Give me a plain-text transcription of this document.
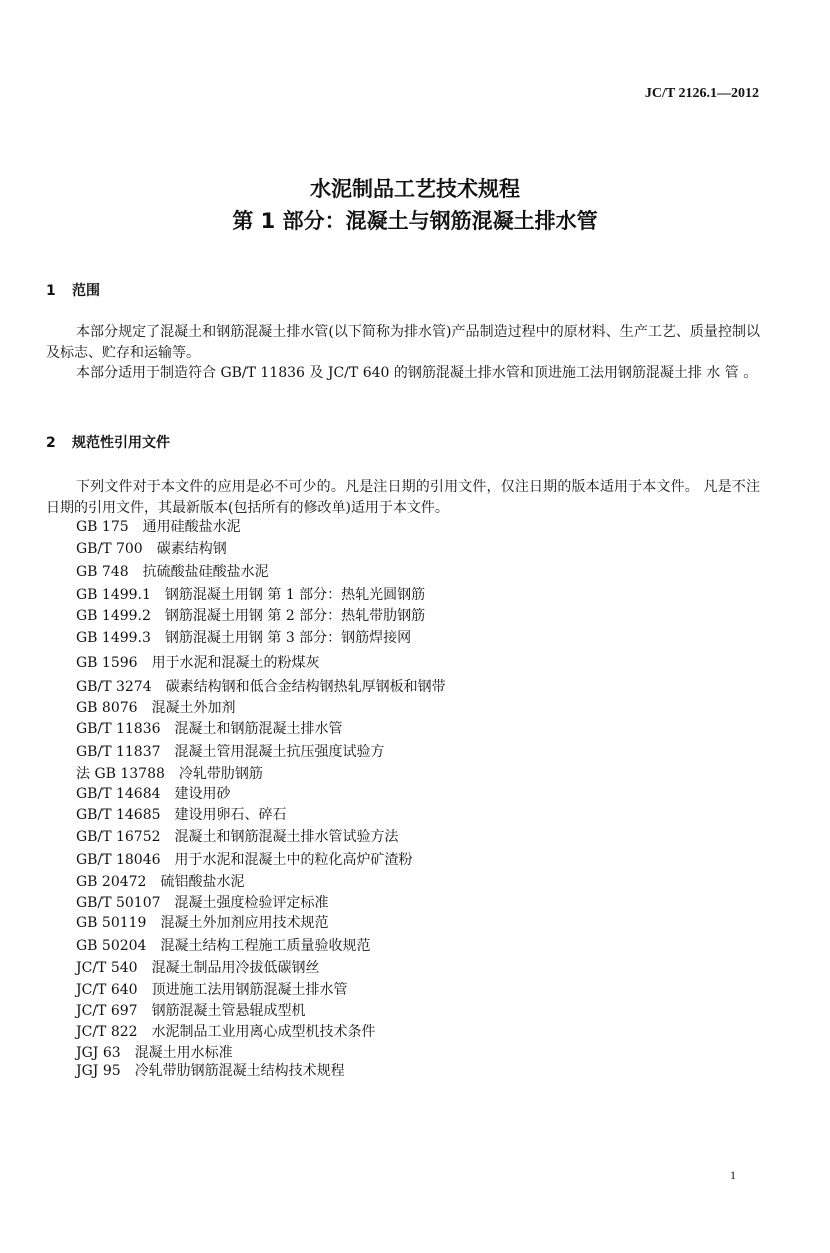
JC/T 2126.1—2012
水泥制品工艺技术规程
第 1 部分：混凝土与钢筋混凝土排水管
1 范围
本部分规定了混凝土和钢筋混凝土排水管(以下简称为排水管)产品制造过程中的原材料、生产工艺、质量控制以及标志、贮存和运输等。
本部分适用于制造符合 GB/T 11836 及 JC/T 640 的钢筋混凝土排水管和顶进施工法用钢筋混凝土排 水 管 。
2 规范性引用文件
下列文件对于本文件的应用是必不可少的。凡是注日期的引用文件，仅注日期的版本适用于本文件。 凡是不注日期的引用文件，其最新版本(包括所有的修改单)适用于本文件。
GB 175 通用硅酸盐水泥
GB/T 700 碳素结构钢
GB 748 抗硫酸盐硅酸盐水泥
GB 1499.1 钢筋混凝土用钢 第 1 部分：热轧光圆钢筋
GB 1499.2 钢筋混凝土用钢 第 2 部分：热轧带肋钢筋
GB 1499.3 钢筋混凝土用钢 第 3 部分：钢筋焊接网
GB 1596 用于水泥和混凝土的粉煤灰
GB/T 3274 碳素结构钢和低合金结构钢热轧厚钢板和钢带
GB 8076 混凝土外加剂
GB/T 11836 混凝土和钢筋混凝土排水管
GB/T 11837 混凝土管用混凝土抗压强度试验方
法 GB 13788 冷轧带肋钢筋
GB/T 14684 建设用砂
GB/T 14685 建设用卵石、碎石
GB/T 16752 混凝土和钢筋混凝土排水管试验方法
GB/T 18046 用于水泥和混凝土中的粒化高炉矿渣粉
GB 20472 硫铝酸盐水泥
GB/T 50107 混凝土强度检验评定标准
GB 50119 混凝土外加剂应用技术规范
GB 50204 混凝土结构工程施工质量验收规范
JC/T 540 混凝土制品用冷拔低碳钢丝
JC/T 640 顶进施工法用钢筋混凝土排水管
JC/T 697 钢筋混凝土管悬辊成型机
JC/T 822 水泥制品工业用离心成型机技术条件
JGJ 63 混凝土用水标准
JGJ 95 冷轧带肋钢筋混凝土结构技术规程
1
